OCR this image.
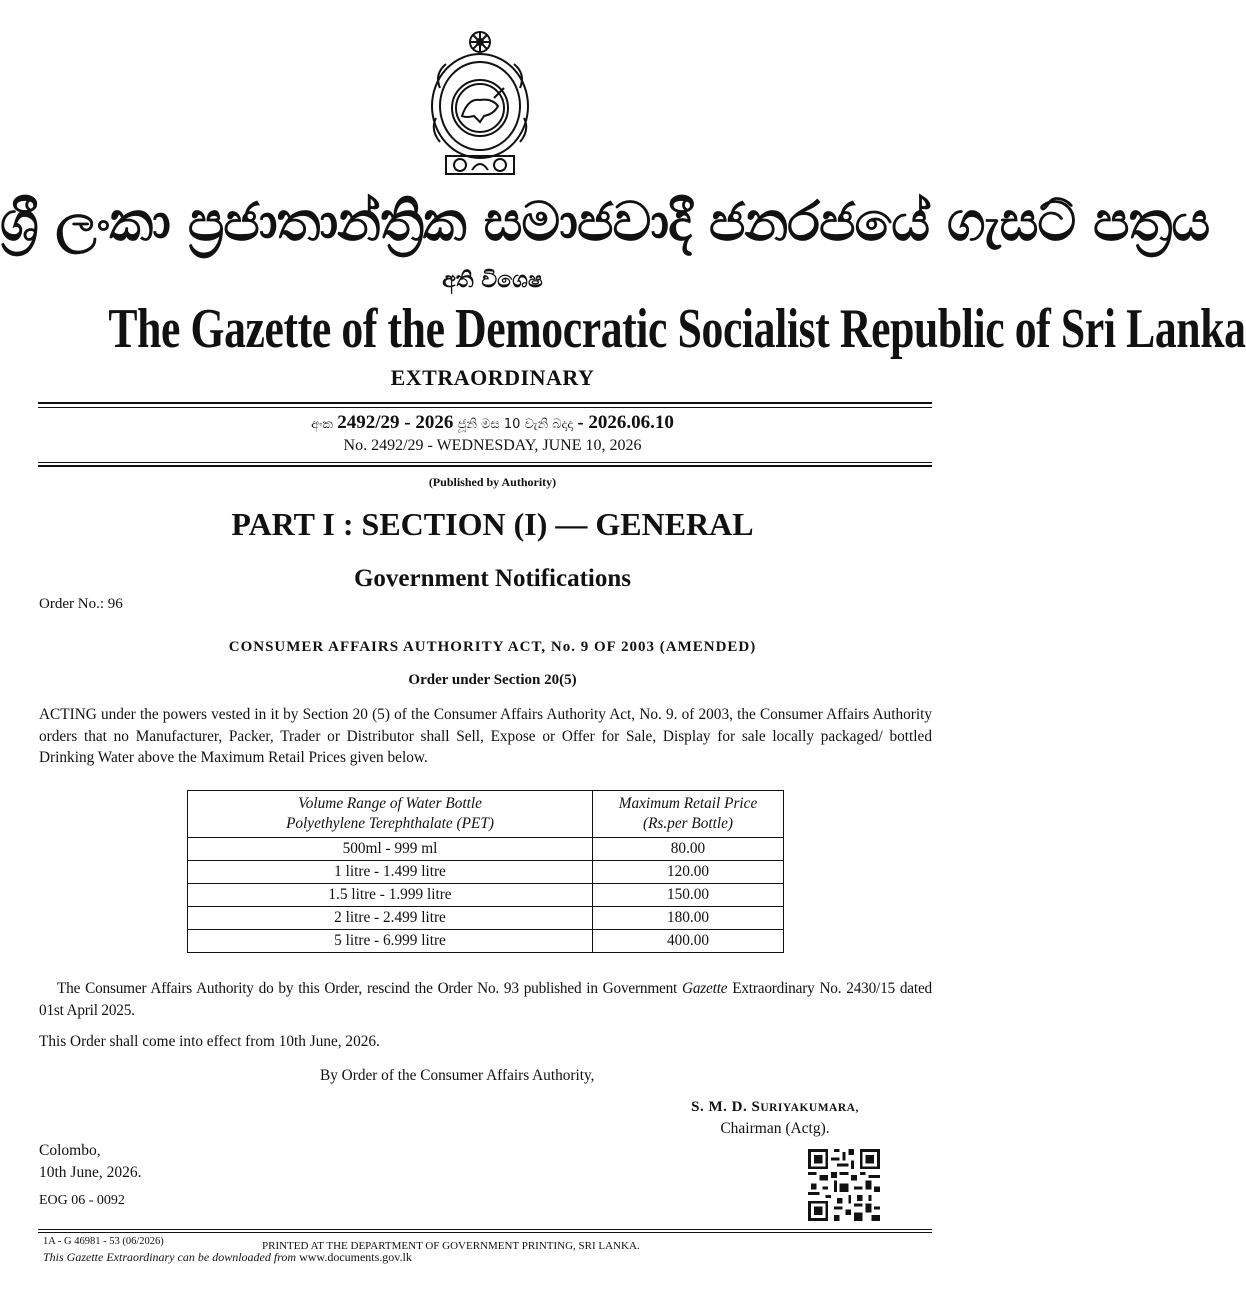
ශ්‍රී ලංකා ප්‍රජාතාන්ත්‍රික සමාජවාදී ජනරජයේ ගැසට් පත්‍රය
අති විශෙෂ
The Gazette of the Democratic Socialist Republic of Sri Lanka
EXTRAORDINARY
අංක 2492/29 - 2026 ජූනි මස 10 වැනි බදාදා - 2026.06.10
No. 2492/29 - WEDNESDAY, JUNE 10, 2026
(Published by Authority)
PART I : SECTION (I) — GENERAL
Government Notifications
Order No.: 96
CONSUMER AFFAIRS AUTHORITY ACT, No. 9 OF 2003 (AMENDED)
Order under Section 20(5)
ACTING under the powers vested in it by Section 20 (5) of the Consumer Affairs Authority Act, No. 9. of 2003, the Consumer Affairs Authority orders that no Manufacturer, Packer, Trader or Distributor shall Sell, Expose or Offer for Sale, Display for sale locally packaged/ bottled Drinking Water above the Maximum Retail Prices given below.
Volume Range of Water Bottle
Polyethylene Terephthalate (PET)	Maximum Retail Price
(Rs.per Bottle)
500ml - 999 ml	80.00
1 litre - 1.499 litre	120.00
1.5 litre - 1.999 litre	150.00
2 litre - 2.499 litre	180.00
5 litre - 6.999 litre	400.00
The Consumer Affairs Authority do by this Order, rescind the Order No. 93 published in Government Gazette Extraordinary No. 2430/15 dated 01st April 2025.
This Order shall come into effect from 10th June, 2026.
By Order of the Consumer Affairs Authority,
S. M. D. SURIYAKUMARA,
Chairman (Actg).
Colombo,
10th June, 2026.
EOG 06 - 0092
1A - G 46981 - 53 (06/2026)	PRINTED AT THE DEPARTMENT OF GOVERNMENT PRINTING, SRI LANKA.
This Gazette Extraordinary can be downloaded from www.documents.gov.lk
